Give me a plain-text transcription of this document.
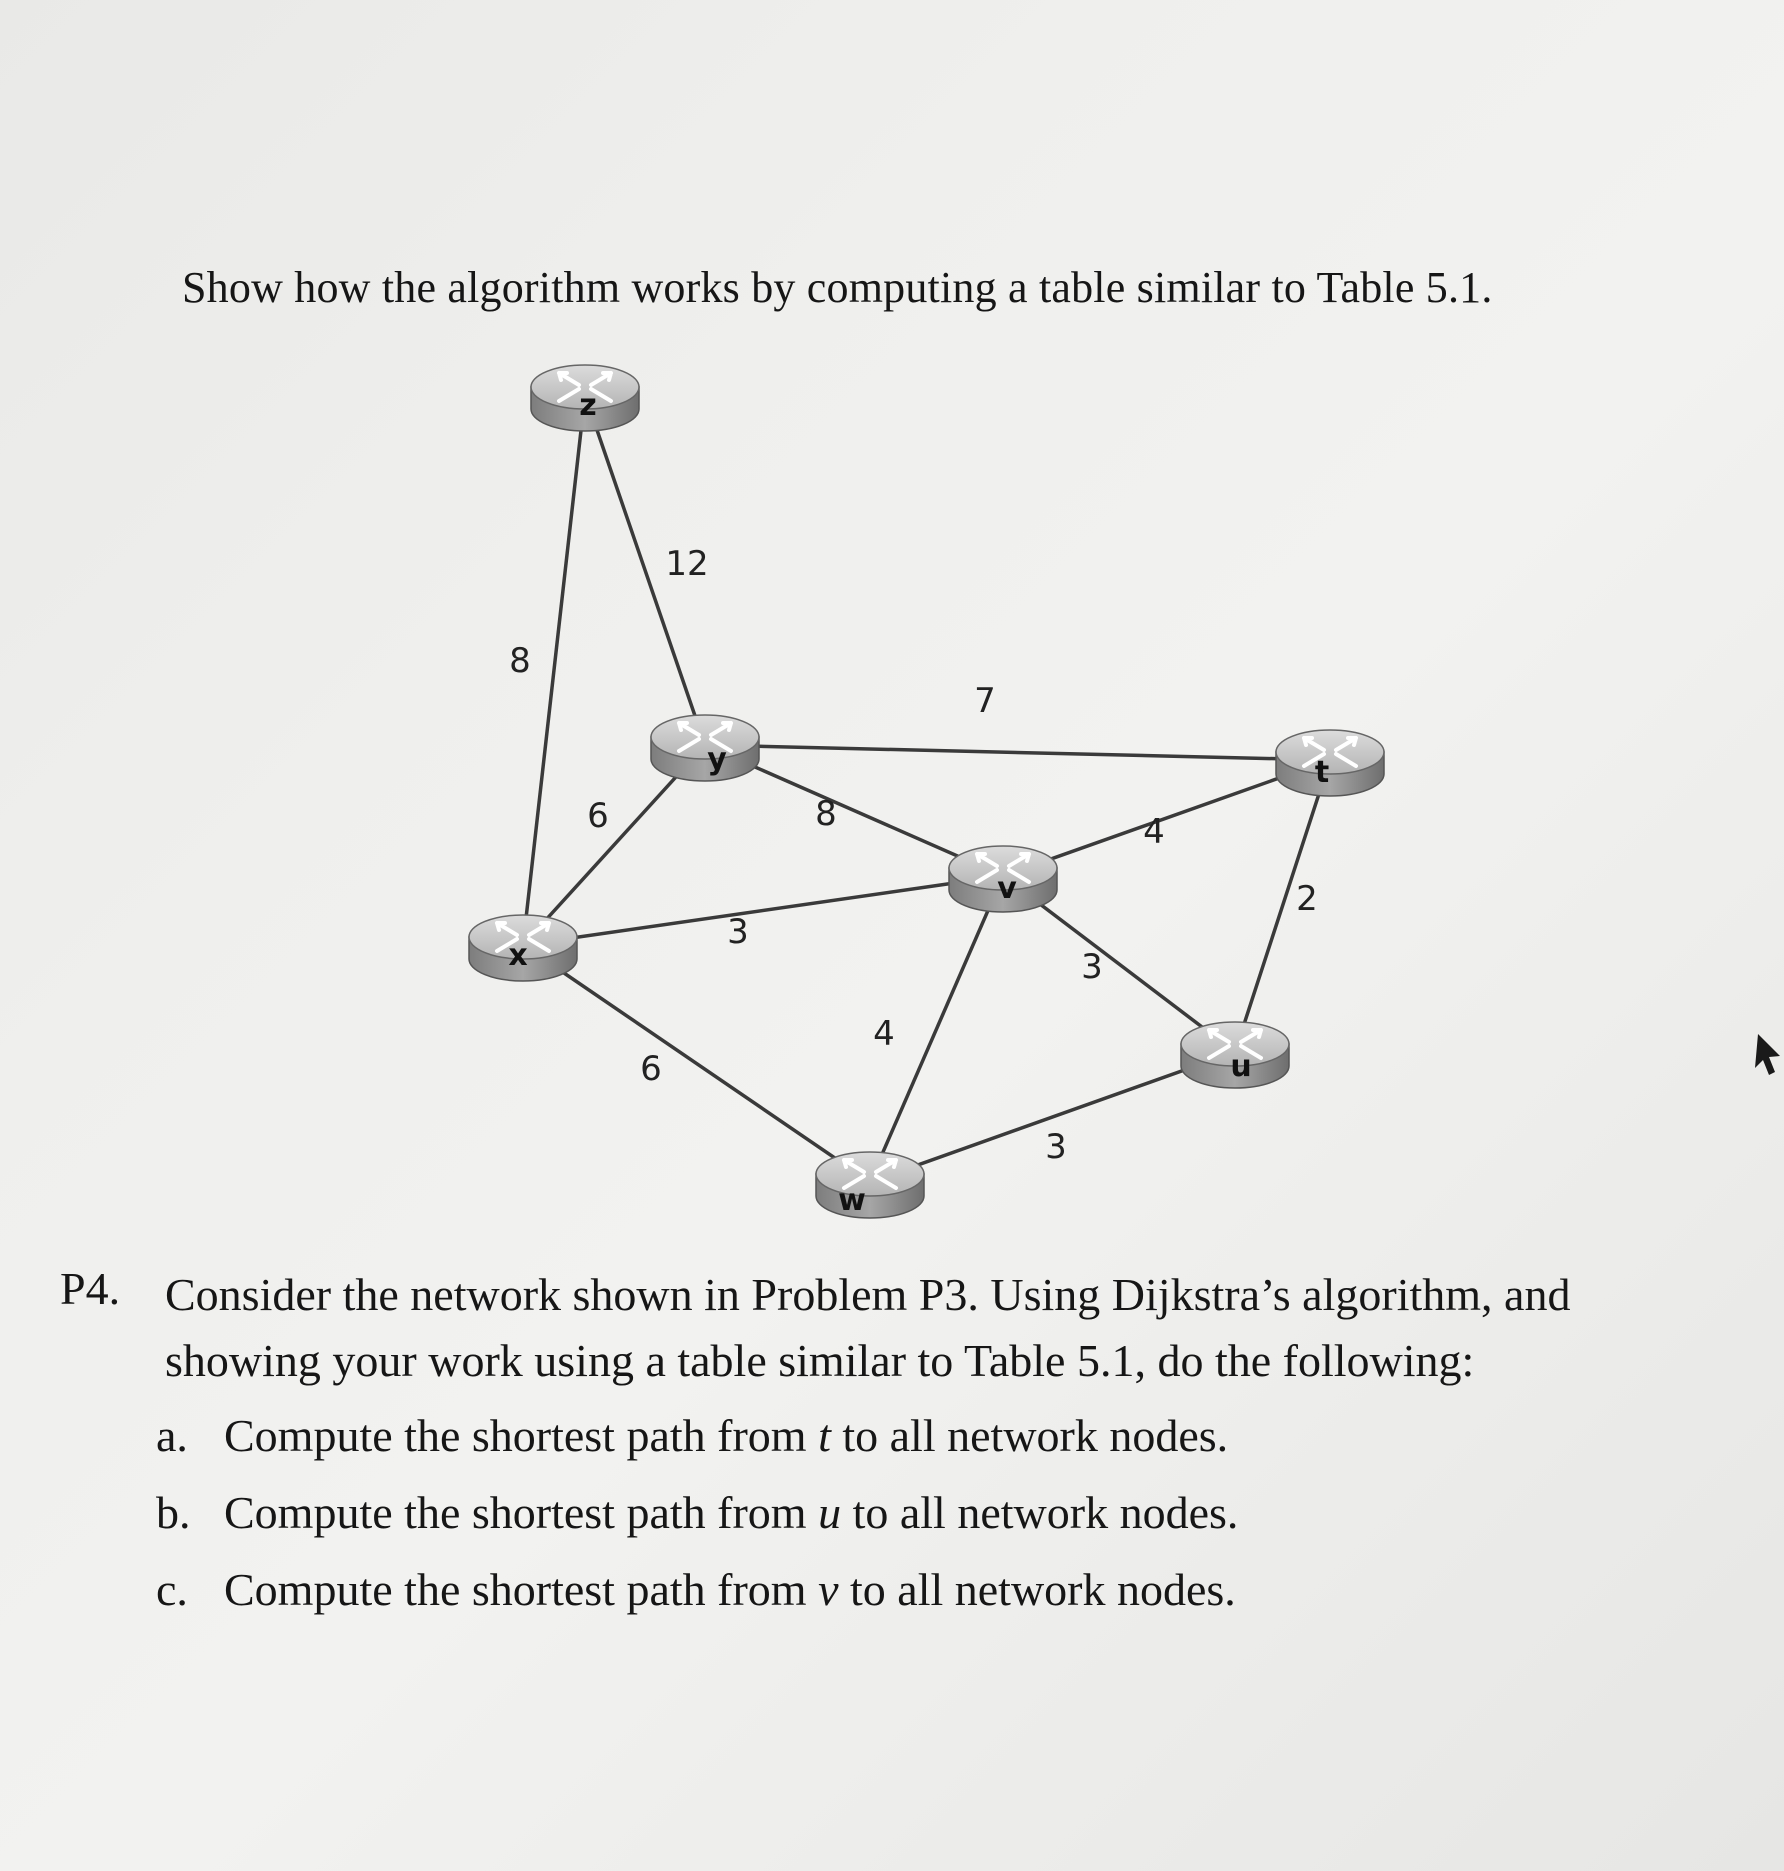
Show how the algorithm works by computing a table similar to Table 5.1.
8
12
6
7
8
3
6
4
3
4
2
3
z
y
x
v
t
u
w
P4. Consider the network shown in Problem P3. Using Dijkstra’s algorithm, and
showing your work using a table similar to Table 5.1, do the following:
a. Compute the shortest path from t to all network nodes.
b. Compute the shortest path from u to all network nodes.
c. Compute the shortest path from v to all network nodes.
